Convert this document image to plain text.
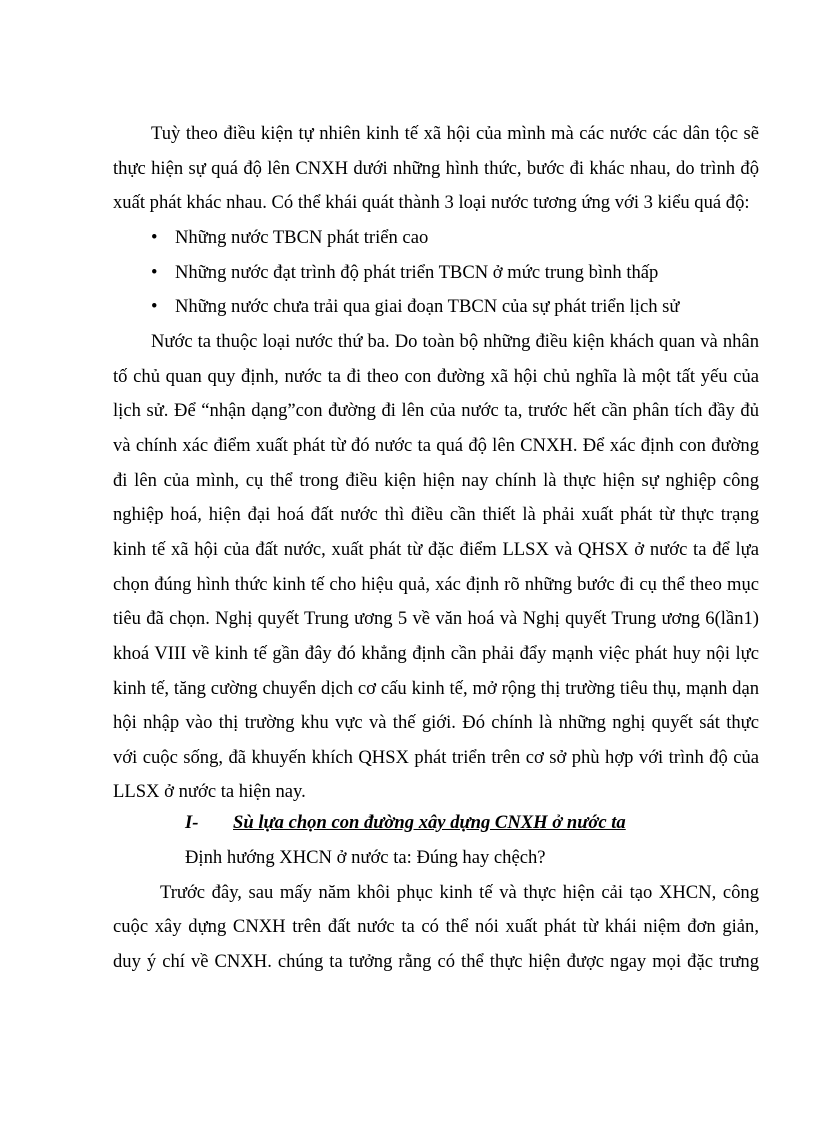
Tuỳ theo điều kiện tự nhiên kinh tế xã hội của mình mà các nước các dân tộc sẽ
thực hiện sự quá độ lên CNXH dưới những hình thức, bước đi khác nhau, do trình độ
xuất phát khác nhau. Có thể khái quát thành 3 loại nước tương ứng với 3 kiểu quá độ:
• Những nước TBCN phát triển cao
• Những nước đạt trình độ phát triển TBCN ở mức trung bình thấp
• Những nước chưa trải qua giai đoạn TBCN của sự phát triển lịch sử
Nước ta thuộc loại nước thứ ba. Do toàn bộ những điều kiện khách quan và nhân
tố chủ quan quy định, nước ta đi theo con đường xã hội chủ nghĩa là một tất yếu của
lịch sử. Để “nhận dạng”con đường đi lên của nước ta, trước hết cần phân tích đầy đủ
và chính xác điểm xuất phát từ đó nước ta quá độ lên CNXH. Để xác định con đường
đi lên của mình, cụ thể trong điều kiện hiện nay chính là thực hiện sự nghiệp công
nghiệp hoá, hiện đại hoá đất nước thì điều cần thiết là phải xuất phát từ thực trạng
kinh tế xã hội của đất nước, xuất phát từ đặc điểm LLSX và QHSX ở nước ta để lựa
chọn đúng hình thức kinh tế cho hiệu quả, xác định rõ những bước đi cụ thể theo mục
tiêu đã chọn. Nghị quyết Trung ương 5 về văn hoá và Nghị quyết Trung ương 6(lần1)
khoá VIII về kinh tế gần đây đó khẳng định cần phải đẩy mạnh việc phát huy nội lực
kinh tế, tăng cường chuyển dịch cơ cấu kinh tế, mở rộng thị trường tiêu thụ, mạnh dạn
hội nhập vào thị trường khu vực và thế giới. Đó chính là những nghị quyết sát thực
với cuộc sống, đã khuyến khích QHSX phát triển trên cơ sở phù hợp với trình độ của
LLSX ở nước ta hiện nay.
I- Sù lựa chọn con đường xây dựng CNXH ở nước ta
Định hướng XHCN ở nước ta: Đúng hay chệch?
Trước đây, sau mấy năm khôi phục kinh tế và thực hiện cải tạo XHCN, công
cuộc xây dựng CNXH trên đất nước ta có thể nói xuất phát từ khái niệm đơn giản,
duy ý chí về CNXH. chúng ta tưởng rằng có thể thực hiện được ngay mọi đặc trưng
